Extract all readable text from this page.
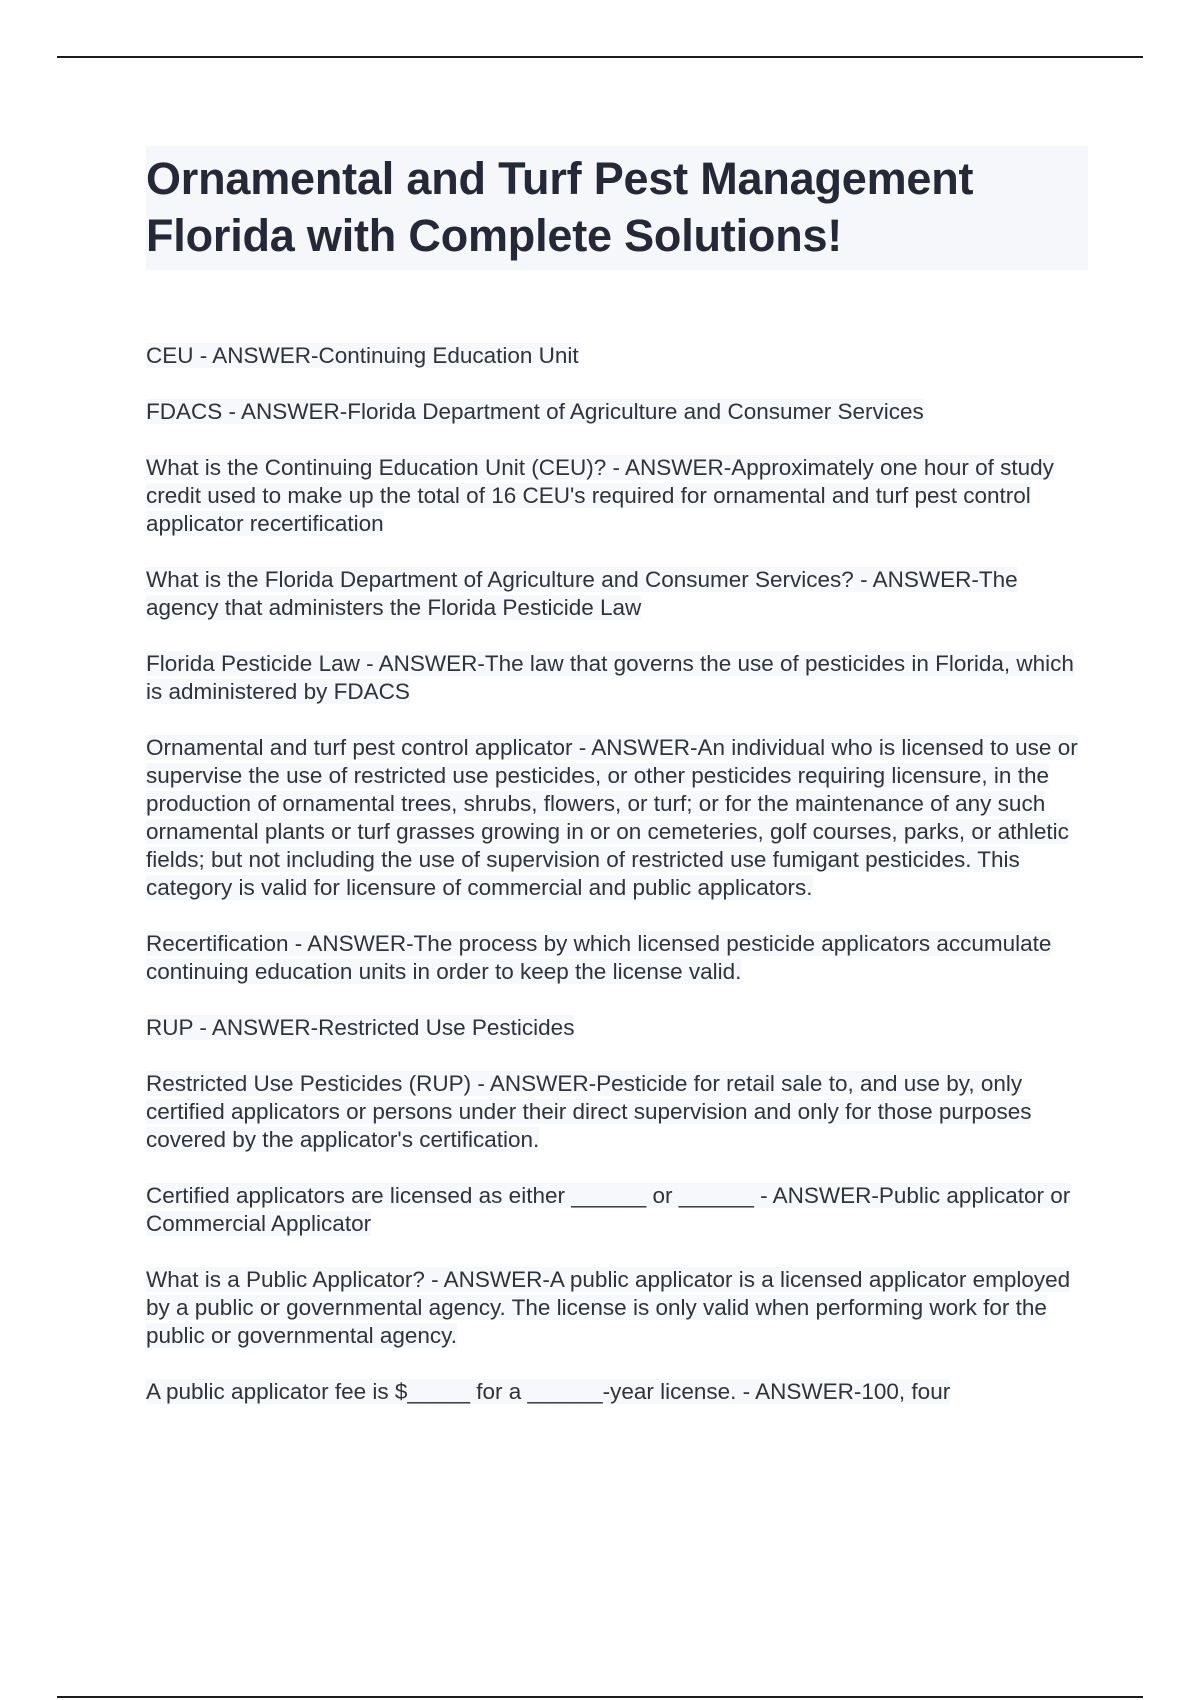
Ornamental and Turf Pest Management Florida with Complete Solutions!
CEU - ANSWER-Continuing Education Unit
FDACS - ANSWER-Florida Department of Agriculture and Consumer Services
What is the Continuing Education Unit (CEU)? - ANSWER-Approximately one hour of study credit used to make up the total of 16 CEU's required for ornamental and turf pest control applicator recertification
What is the Florida Department of Agriculture and Consumer Services? - ANSWER-The agency that administers the Florida Pesticide Law
Florida Pesticide Law - ANSWER-The law that governs the use of pesticides in Florida, which is administered by FDACS
Ornamental and turf pest control applicator - ANSWER-An individual who is licensed to use or supervise the use of restricted use pesticides, or other pesticides requiring licensure, in the production of ornamental trees, shrubs, flowers, or turf; or for the maintenance of any such ornamental plants or turf grasses growing in or on cemeteries, golf courses, parks, or athletic fields; but not including the use of supervision of restricted use fumigant pesticides. This category is valid for licensure of commercial and public applicators.
Recertification - ANSWER-The process by which licensed pesticide applicators accumulate continuing education units in order to keep the license valid.
RUP - ANSWER-Restricted Use Pesticides
Restricted Use Pesticides (RUP) - ANSWER-Pesticide for retail sale to, and use by, only certified applicators or persons under their direct supervision and only for those purposes covered by the applicator's certification.
Certified applicators are licensed as either ______ or ______ - ANSWER-Public applicator or Commercial Applicator
What is a Public Applicator? - ANSWER-A public applicator is a licensed applicator employed by a public or governmental agency. The license is only valid when performing work for the public or governmental agency.
A public applicator fee is $_____ for a ______-year license. - ANSWER-100, four
